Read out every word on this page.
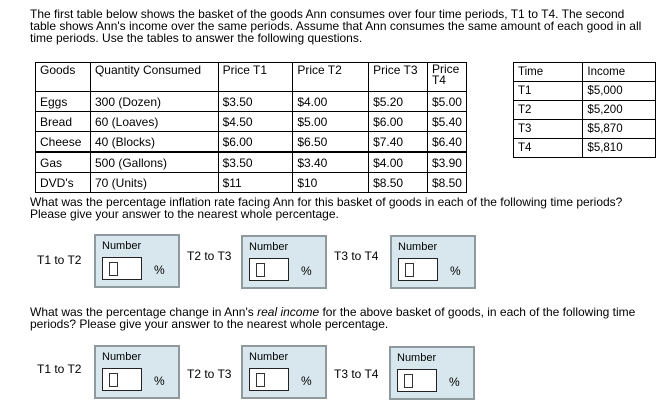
The first table below shows the basket of the goods Ann consumes over four time periods, T1 to T4. The second table shows Ann's income over the same periods. Assume that Ann consumes the same amount of each good in all time periods. Use the tables to answer the following questions.
Goods	Quantity Consumed	Price T1	Price T2	Price T3	Price T4
Eggs	300 (Dozen)	$3.50	$4.00	$5.20	$5.00
Bread	60 (Loaves)	$4.50	$5.00	$6.00	$5.40
Cheese	40 (Blocks)	$6.00	$6.50	$7.40	$6.40
Gas	500 (Gallons)	$3.50	$3.40	$4.00	$3.90
DVD's	70 (Units)	$11	$10	$8.50	$8.50
Time	Income
T1	$5,000
T2	$5,200
T3	$5,870
T4	$5,810
What was the percentage inflation rate facing Ann for this basket of goods in each of the following time periods? Please give your answer to the nearest whole percentage.
T1 to T2
Number
%
T2 to T3
Number
%
T3 to T4
Number
%
What was the percentage change in Ann's real income for the above basket of goods, in each of the following time periods? Please give your answer to the nearest whole percentage.
T1 to T2
Number
% T2 to T3
Number
% T3 to T4
Number
%
